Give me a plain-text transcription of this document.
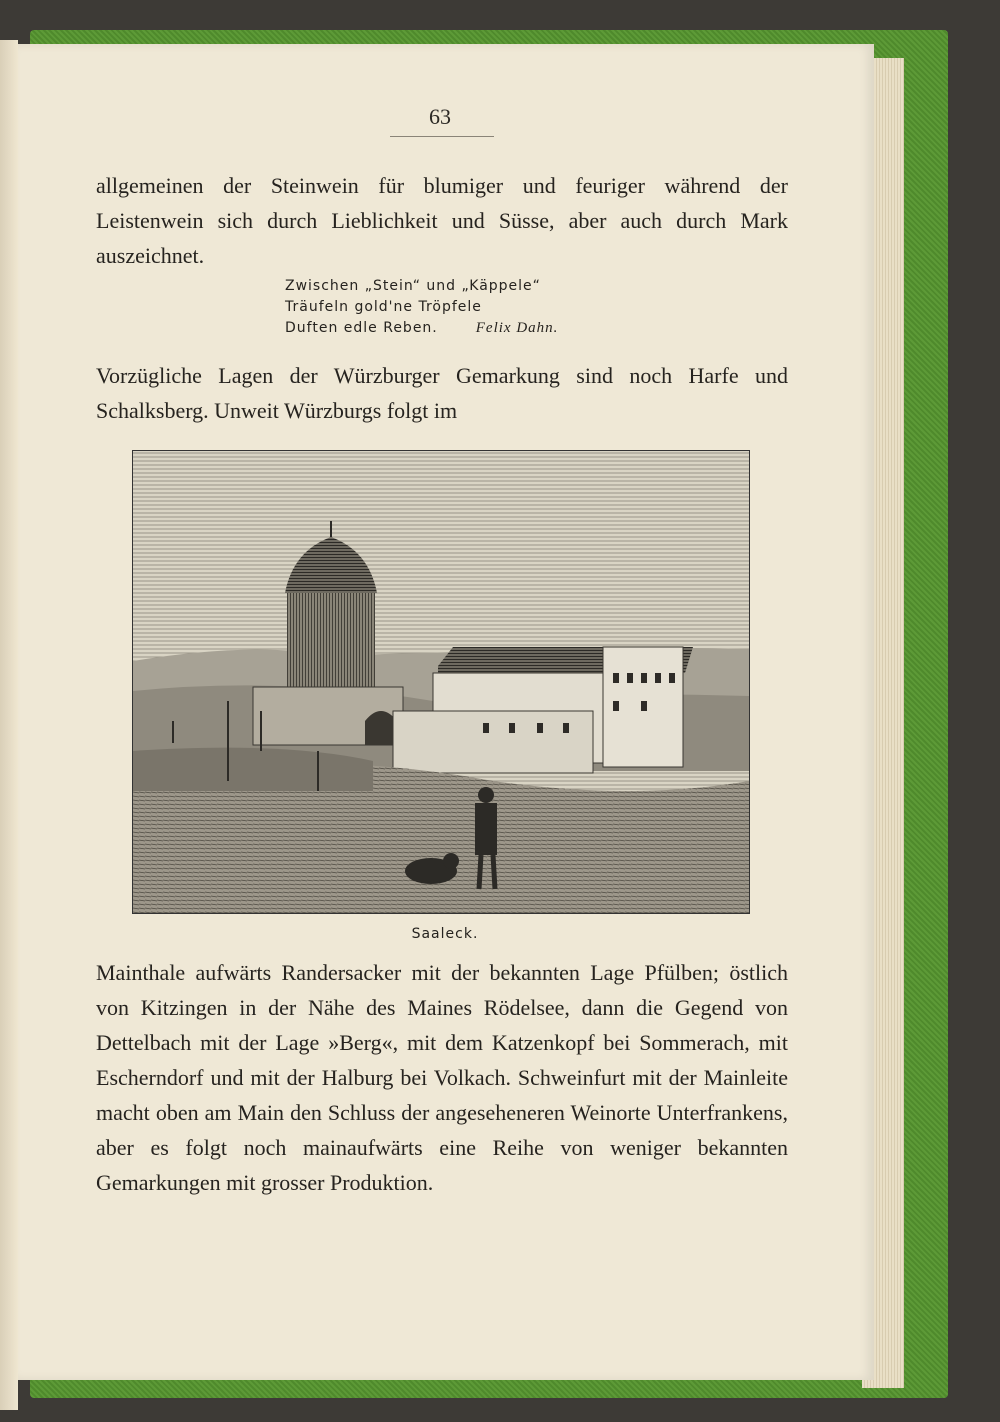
63

allgemeinen der Steinwein für blumiger und feuriger während der Leistenwein sich durch Lieblichkeit und Süsse, aber auch durch Mark auszeichnet.

Zwischen „Stein“ und „Käppele“
Träufeln gold'ne Tröpfele
Duften edle Reben.	Felix Dahn.

Vorzügliche Lagen der Würzburger Gemarkung sind noch Harfe und Schalksberg. Unweit Würzburgs folgt im

Saaleck.

Mainthale aufwärts Randersacker mit der bekannten Lage Pfülben; östlich von Kitzingen in der Nähe des Maines Rödelsee, dann die Gegend von Dettelbach mit der Lage »Berg«, mit dem Katzenkopf bei Sommerach, mit Escherndorf und mit der Halburg bei Volkach. Schweinfurt mit der Mainleite macht oben am Main den Schluss der angeseheneren Weinorte Unterfrankens, aber es folgt noch mainaufwärts eine Reihe von weniger bekannten Gemarkungen mit grosser Produktion.
